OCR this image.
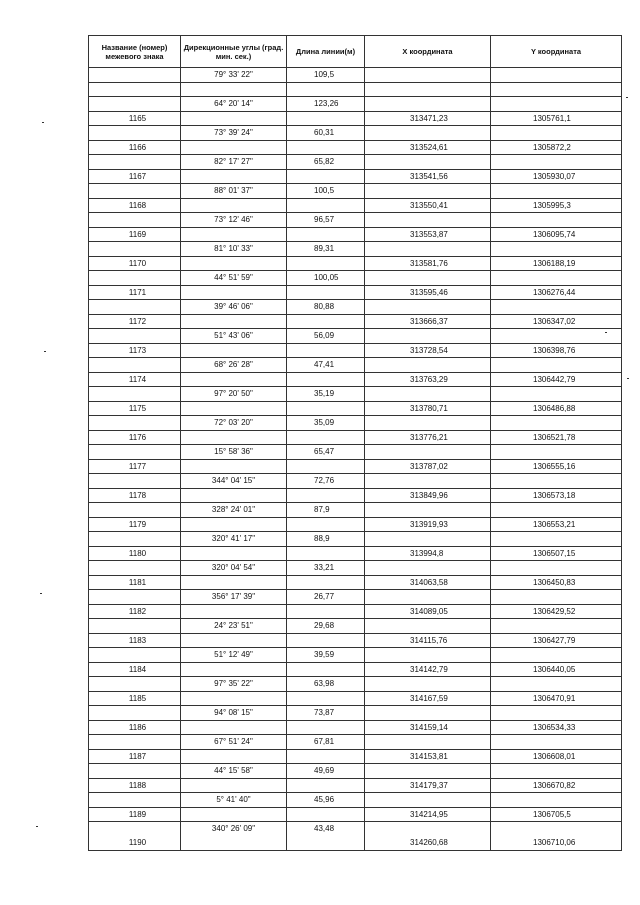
Название (номер) межевого знака	Дирекционные углы (град. мин. сек.)	Длина линии(м)	X координата	Y координата

	79° 33' 22"	109,5		

1165	64° 20' 14"	123,26	313471,23	1305761,1

1166	73° 39' 24"	60,31	313524,61	1305872,2

1167	82° 17' 27"	65,82	313541,56	1305930,07

1168	88° 01' 37"	100,5	313550,41	1305995,3

1169	73° 12' 46"	96,57	313553,87	1306095,74

1170	81° 10' 33"	89,31	313581,76	1306188,19

1171	44° 51' 59"	100,05	313595,46	1306276,44

1172	39° 46' 06"	80,88	313666,37	1306347,02

1173	51° 43' 06"	56,09	313728,54	1306398,76

1174	68° 26' 28"	47,41	313763,29	1306442,79

1175	97° 20' 50"	35,19	313780,71	1306486,88

1176	72° 03' 20"	35,09	313776,21	1306521,78

1177	15° 58' 36"	65,47	313787,02	1306555,16

1178	344° 04' 15"	72,76	313849,96	1306573,18

1179	328° 24' 01"	87,9	313919,93	1306553,21

1180	320° 41' 17"	88,9	313994,8	1306507,15

1181	320° 04' 54"	33,21	314063,58	1306450,83

1182	356° 17' 39"	26,77	314089,05	1306429,52

1183	24° 23' 51"	29,68	314115,76	1306427,79

1184	51° 12' 49"	39,59	314142,79	1306440,05

1185	97° 35' 22"	63,98	314167,59	1306470,91

1186	94° 08' 15"	73,87	314159,14	1306534,33

1187	67° 51' 24"	67,81	314153,81	1306608,01

1188	44° 15' 58"	49,69	314179,37	1306670,82

1189	5° 41' 40"	45,96	314214,95	1306705,5

1190	340° 26' 09"	43,48	314260,68	1306710,06
